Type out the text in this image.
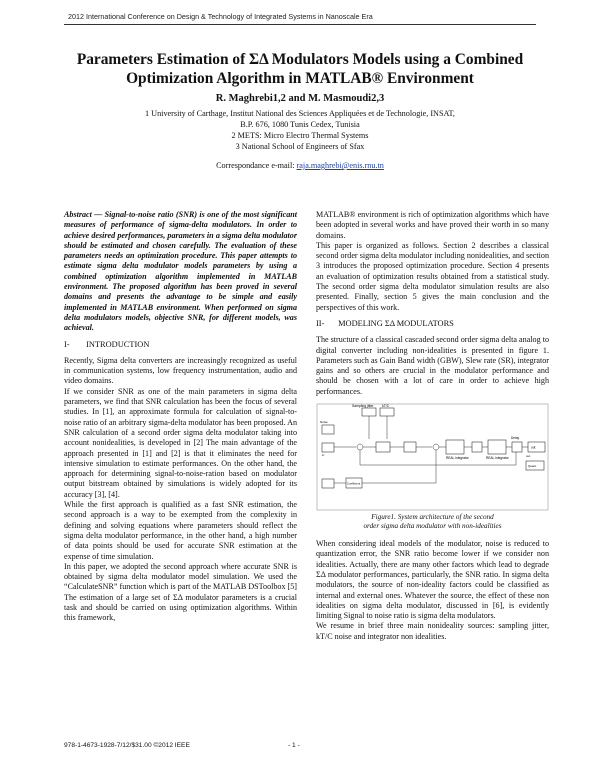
2012 International Conference on Design & Technology of Integrated Systems in Nanoscale Era
Parameters Estimation of ΣΔ Modulators Models using a Combined
Optimization Algorithm in MATLAB® Environment
R. Maghrebi1,2 and M. Masmoudi2,3
1 University of Carthage, Institut National des Sciences Appliquées et de Technologie, INSAT,
B.P. 676, 1080 Tunis Cedex, Tunisia
2 METS: Micro Electro Thermal Systems
3 National School of Engineers of Sfax
Correspondance e-mail: raja.maghrebi@enis.rnu.tn

Abstract — Signal-to-noise ratio (SNR) is one of the most significant measures of performance of sigma-delta modulators. In order to achieve desired performances, parameters in a sigma delta modulator should be estimated and chosen carefully. The evaluation of these parameters needs an optimization procedure. This paper attempts to estimate sigma delta modulator models parameters by using a combined optimization algorithm implemented in MATLAB environment. The proposed algorithm has been proved in several domains and presents the advantage to be simple and easily implemented in MATLAB environment. When performed on sigma delta modulators models, objective SNR, for different models, was achieval.

I- INTRODUCTION

Recently, Sigma delta converters are increasingly recognized as useful in communication systems, low frequency instrumentation, audio and video domains.

If we consider SNR as one of the main parameters in sigma delta parameters, we find that SNR calculation has been the focus of several studies. In [1], an approximate formula for calculation of signal-to-noise ratio of an arbitrary sigma-delta modulator has been proposed. An SNR calculation of a second order sigma delta modulator taking into account nonidealities, is developed in [2] The main advantage of the approach presented in [1] and [2] is that it eliminates the need for intensive simulation to estimate performances. On the other hand, the approach for determining signal-to-noise-ration based on modulator output bitstream obtained by simulations is widely adopted for its accuracy [3], [4].

While the first approach is qualified as a fast SNR estimation, the second approach is a way to be exempted from the complexity in defining and solving equations where parameters should reflect the sigma delta modulator performance, in the other hand, a high number of data points should be used for accurate SNR estimation at the expense of time simulation.

In this paper, we adopted the second approach where accurate SNR is obtained by sigma delta modulator model simulation. We used the “CalculateSNR” function which is part of the MATLAB DSToolbox [5]

The estimation of a large set of ΣΔ modulator parameters is a crucial task and should be carried on using optimization algorithms. Within this framework,

MATLAB® environment is rich of optimization algorithms which have been adopted in several works and have proved their worth in so many domains.

This paper is organized as follows. Section 2 describes a classical second order sigma delta modulator including nonidealities, and section 3 introduces the proposed optimization procedure. Section 4 presents an evaluation of optimization results obtained from a statistical study. The second order sigma delta modulator simulation results are also presented. Finally, section 5 gives the main conclusion and the perspectives of this work.

II- MODELING ΣΔ MODULATORS

The structure of a classical cascaded second order sigma delta analog to digital converter including non-idealities is presented in figure 1. Parameters such as Gain Band width (GBW), Slew rate (SR), integrator gains and so others are crucial in the modulator performance and should be chosen with a lot of care in order to achieve high performances.

Sampling jitter	kT/C
in
REAL Integrator	REAL Integrator
Delay
out
Coefficient
Quant
Noise
out

Figure1. System architecture of the second
order sigma delta modulator with non-idealities

When considering ideal models of the modulator, noise is reduced to quantization error, the SNR ratio become lower if we consider non idealities. Actually, there are many other factors which lead to degrade ΣΔ modulator performances, particularly, the SNR ratio. In sigma delta modulators, the source of non-ideality factors could be classified as internal and external ones. Whatever the source, the effect of these non idealities on sigma delta modulator, discussed in [6], is evidently limiting Signal to noise ratio is sigma delta modulators.

We resume in brief three main nonideality sources: sampling jitter, kT/C noise and integrator non idealities.

978-1-4673-1928-7/12/$31.00 ©2012 IEEE	- 1 -
